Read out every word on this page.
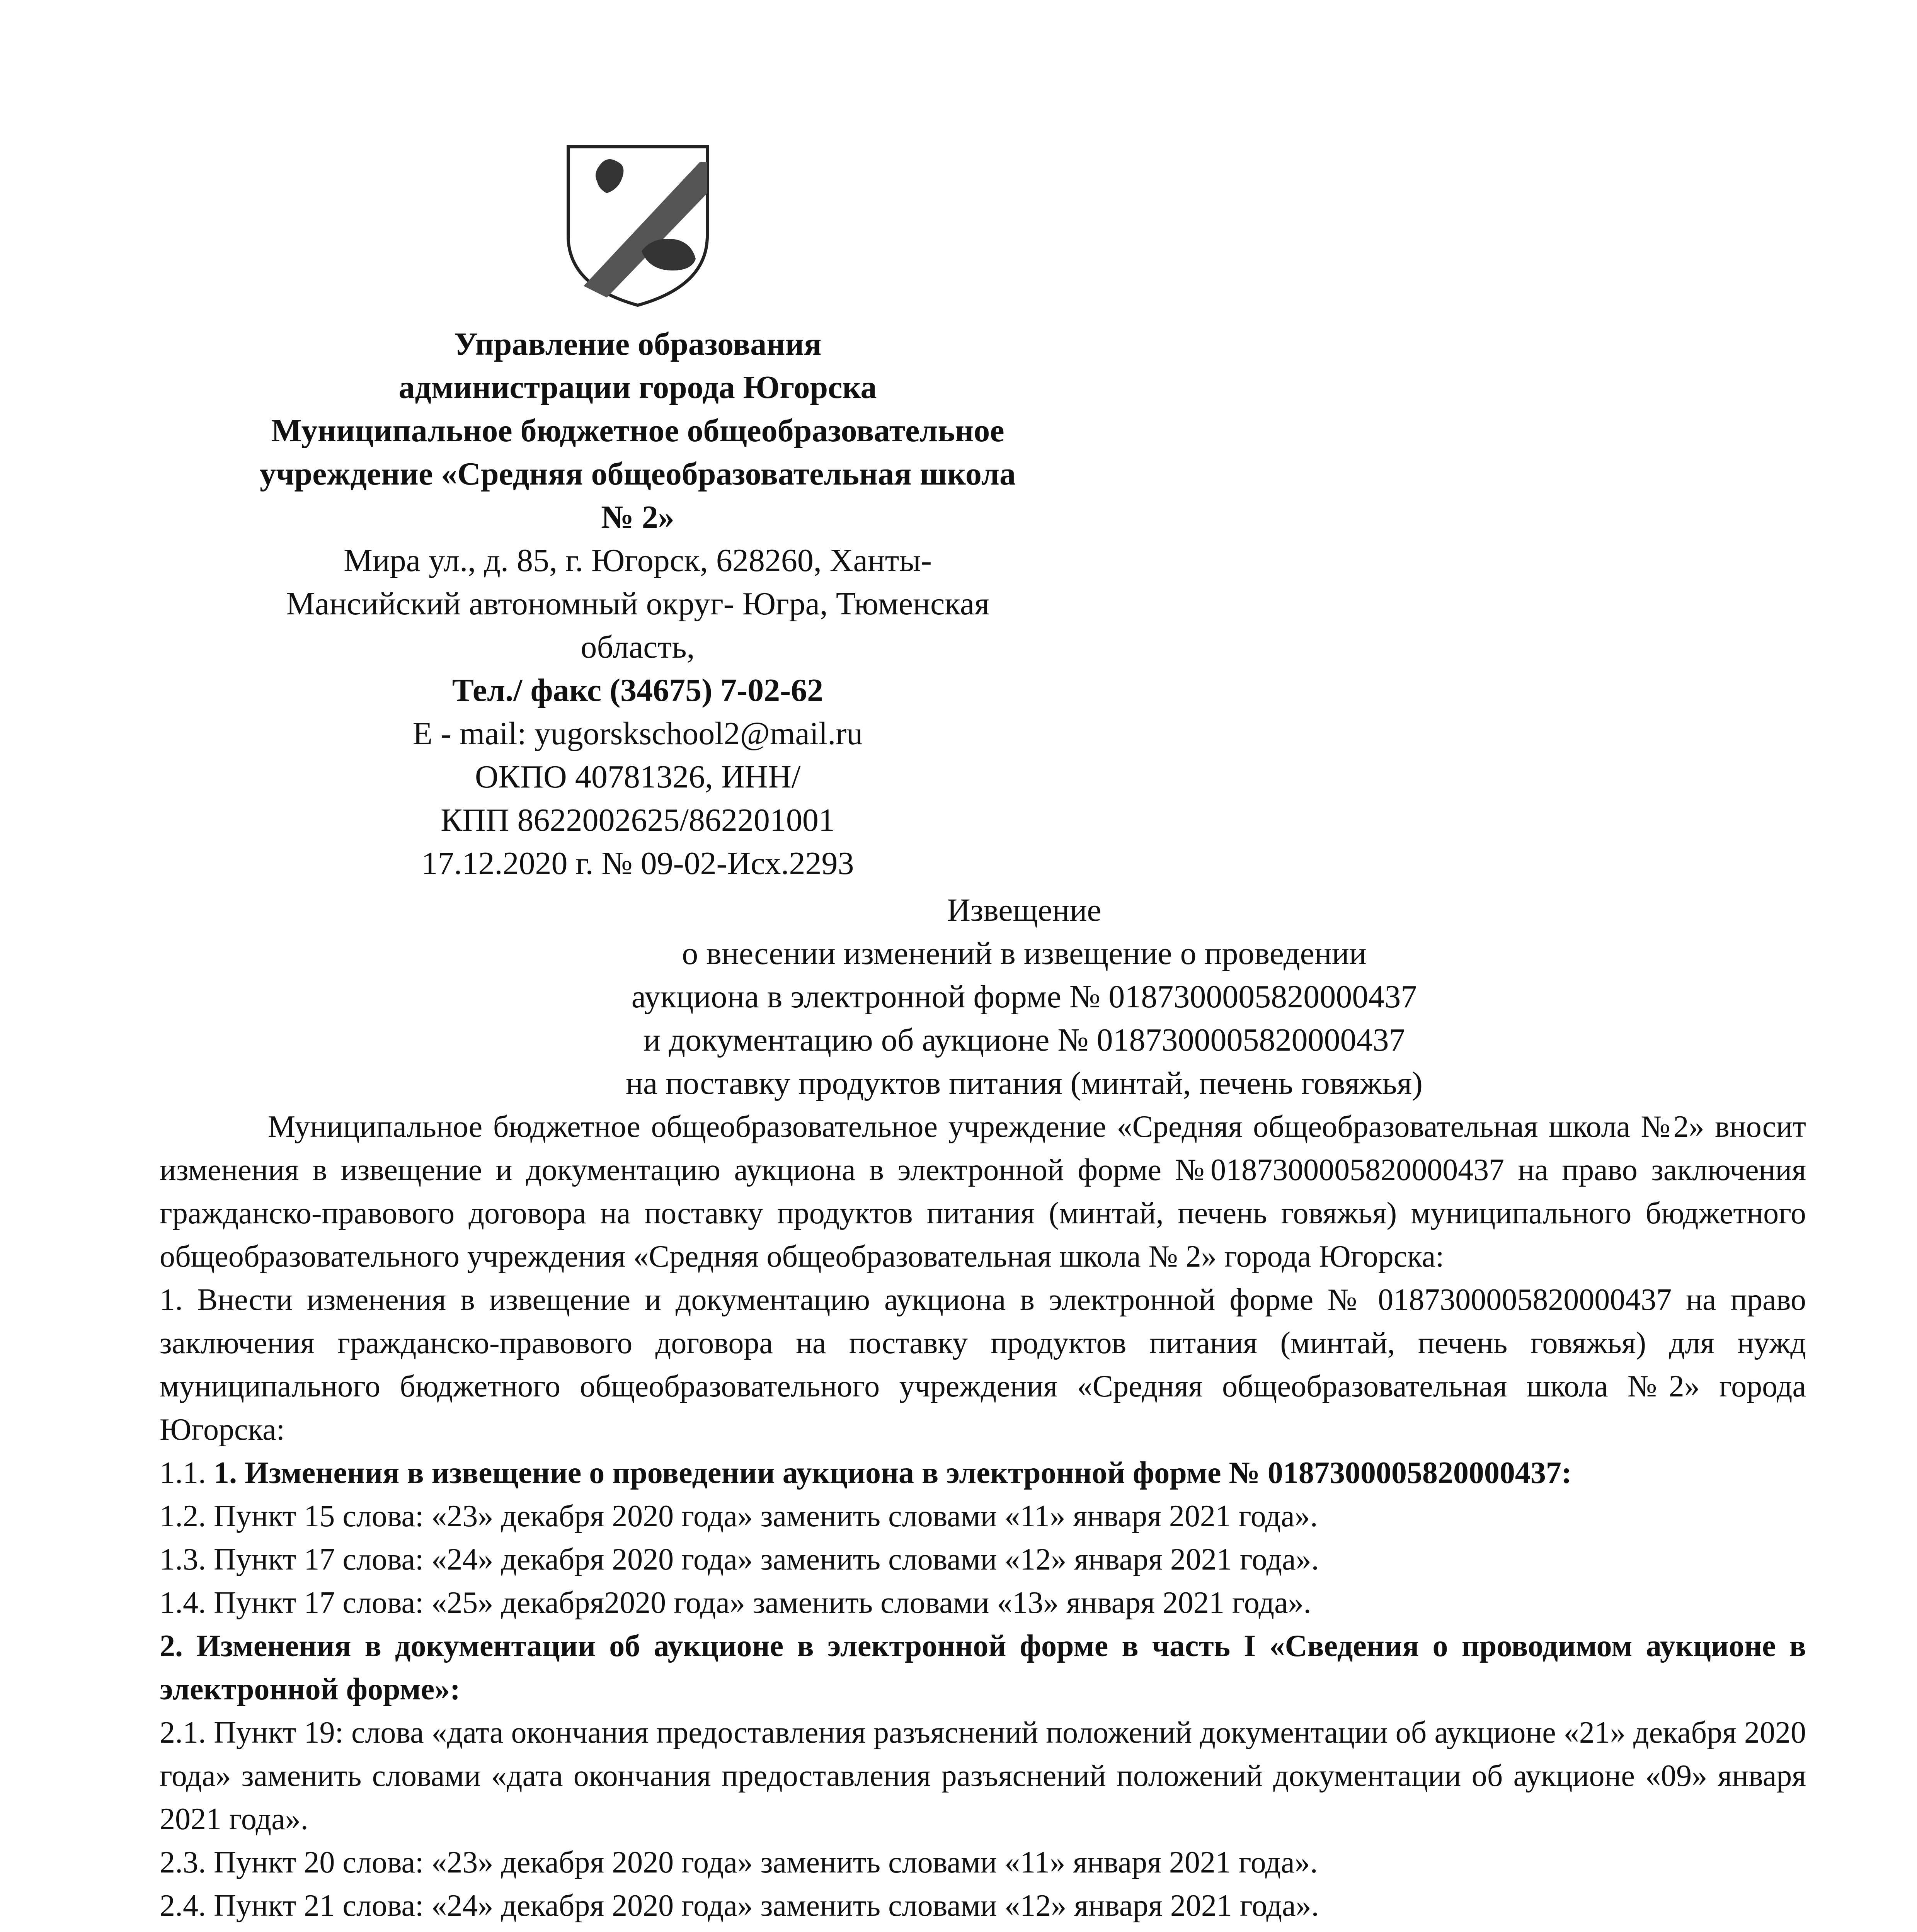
Управление образования
администрации города Югорска
Муниципальное бюджетное общеобразовательное
учреждение «Средняя общеобразовательная школа
№ 2»
Мира ул., д. 85, г. Югорск, 628260, Ханты-
Мансийский автономный округ- Югра, Тюменская
область,
Тел./ факс (34675) 7-02-62
E - mail: yugorskschool2@mail.ru
ОКПО 40781326, ИНН/
КПП 8622002625/862201001
17.12.2020 г. № 09-02-Исх.2293
Извещение
о внесении изменений в извещение о проведении
аукциона в электронной форме № 0187300005820000437
и документацию об аукционе № 0187300005820000437
на поставку продуктов питания (минтай, печень говяжья)

Муниципальное бюджетное общеобразовательное учреждение «Средняя общеобразовательная школа №2» вносит изменения в извещение и документацию аукциона в электронной форме №0187300005820000437 на право заключения гражданско-правового договора на поставку продуктов питания (минтай, печень говяжья) муниципального бюджетного общеобразовательного учреждения «Средняя общеобразовательная школа № 2» города Югорска:

1. Внести изменения в извещение и документацию аукциона в электронной форме № 0187300005820000437 на право заключения гражданско-правового договора на поставку продуктов питания (минтай, печень говяжья) для нужд муниципального бюджетного общеобразовательного учреждения «Средняя общеобразовательная школа №2» города Югорска:

1.1. 1. Изменения в извещение о проведении аукциона в электронной форме № 0187300005820000437:

1.2. Пункт 15 слова: «23» декабря 2020 года» заменить словами «11» января 2021 года».

1.3. Пункт 17 слова: «24» декабря 2020 года» заменить словами «12» января 2021 года».

1.4. Пункт 17 слова: «25» декабря2020 года» заменить словами «13» января 2021 года».

2. Изменения в документации об аукционе в электронной форме в часть I «Сведения о проводимом аукционе в электронной форме»:

2.1. Пункт 19: слова «дата окончания предоставления разъяснений положений документации об аукционе «21» декабря 2020 года» заменить словами «дата окончания предоставления разъяснений положений документации об аукционе «09» января 2021 года».

2.3. Пункт 20 слова: «23» декабря 2020 года» заменить словами «11» января 2021 года».

2.4. Пункт 21 слова: «24» декабря 2020 года» заменить словами «12» января 2021 года».
